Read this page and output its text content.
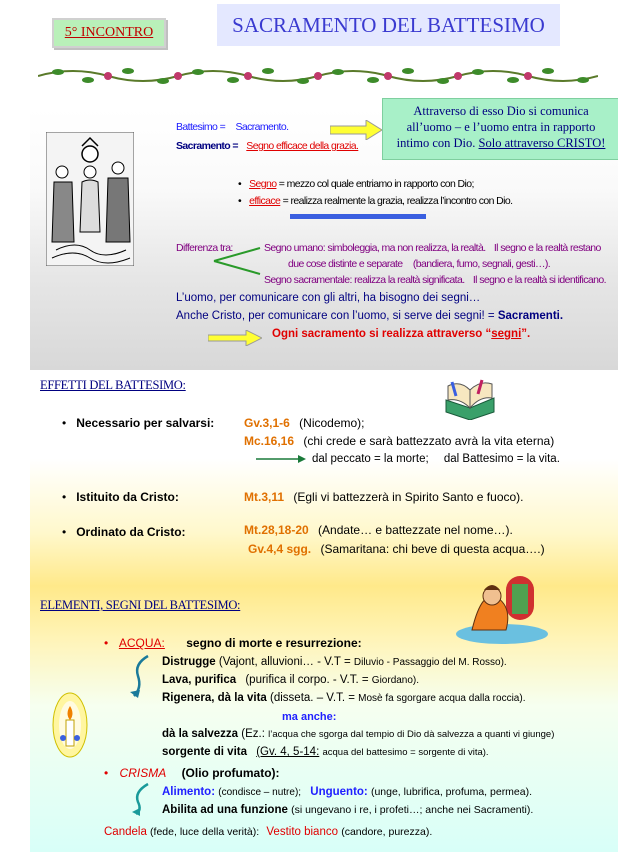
5° INCONTRO	SACRAMENTO DEL BATTESIMO
Battesimo = Sacramento.
Sacramento = Segno efficace della grazia.
Attraverso di esso Dio si comunica
all’uomo – e l’uomo entra in rapporto
intimo con Dio. Solo attraverso CRISTO!
• Segno = mezzo col quale entriamo in rapporto con Dio;
• efficace = realizza realmente la grazia, realizza l’incontro con Dio.
Differenza tra:	Segno umano: simboleggia, ma non realizza, la realtà. Il segno e la realtà restano
due cose distinte e separate (bandiera, fumo, segnali, gesti…).
Segno sacramentale: realizza la realtà significata. Il segno e la realtà si identificano.
L’uomo, per comunicare con gli altri, ha bisogno dei segni…
Anche Cristo, per comunicare con l’uomo, si serve dei segni! = Sacramenti.
Ogni sacramento si realizza attraverso “segni”.
EFFETTI DEL BATTESIMO:
• Necessario per salvarsi: Gv.3,1-6 (Nicodemo);
Mc.16,16 (chi crede e sarà battezzato avrà la vita eterna)
dal peccato = la morte; dal Battesimo = la vita.
• Istituito da Cristo:	Mt.3,11 (Egli vi battezzerà in Spirito Santo e fuoco).
• Ordinato da Cristo:	Mt.28,18-20 (Andate… e battezzate nel nome…).
Gv.4,4 sgg. (Samaritana: chi beve di questa acqua….)
ELEMENTI, SEGNI DEL BATTESIMO:
• ACQUA: segno di morte e resurrezione:
Distrugge (Vajont, alluvioni… - V.T = Diluvio - Passaggio del M. Rosso).
Lava, purifica (purifica il corpo. - V.T. = Giordano).
Rigenera, dà la vita (disseta. – V.T. = Mosè fa sgorgare acqua dalla roccia).
ma anche:
dà la salvezza (Ez.: l’acqua che sgorga dal tempio di Dio dà salvezza a quanti vi giunge)
sorgente di vita (Gv. 4, 5-14: acqua del battesimo = sorgente di vita).
• CRISMA (Olio profumato):
Alimento: (condisce – nutre); Unguento: (unge, lubrifica, profuma, permea).
Abilita ad una funzione (si ungevano i re, i profeti…; anche nei Sacramenti).
Candela (fede, luce della verità): Vestito bianco (candore, purezza).
